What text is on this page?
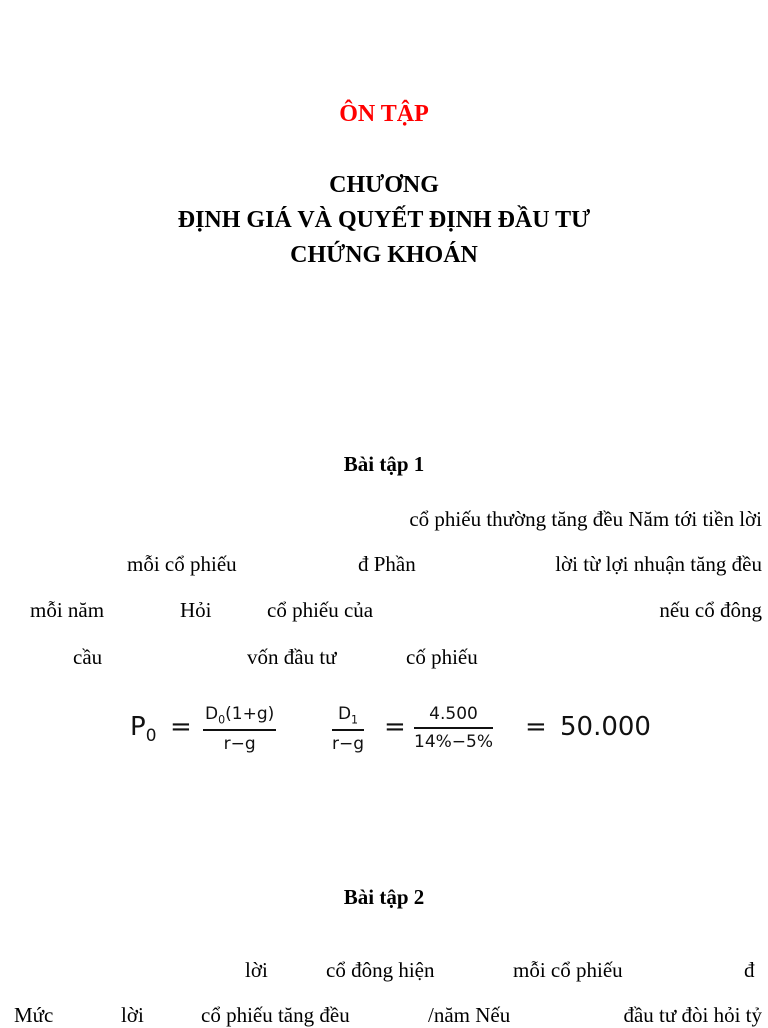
ÔN TẬP
CHƯƠNG
ĐỊNH GIÁ VÀ QUYẾT ĐỊNH ĐẦU TƯ
CHỨNG KHOÁN
Bài tập 1
cổ phiếu thường tăng đều Năm tới tiền lời
mỗi cổ phiếu	đ Phần	lời từ lợi nhuận tăng đều
mỗi năm	Hỏi	cổ phiếu của	nếu cổ đông
cầu	vốn đầu tư	cố phiếu
$P_0 = D_0(1+g)$
r−g
$D_1$
r−g
=	4.500
14%−5% = 50.000
Bài tập 2
lời	cổ đông hiện	mỗi cổ phiếu	đ
Mức	lời	cổ phiếu tăng đều	/năm Nếu	đầu tư đòi hỏi tỷ
